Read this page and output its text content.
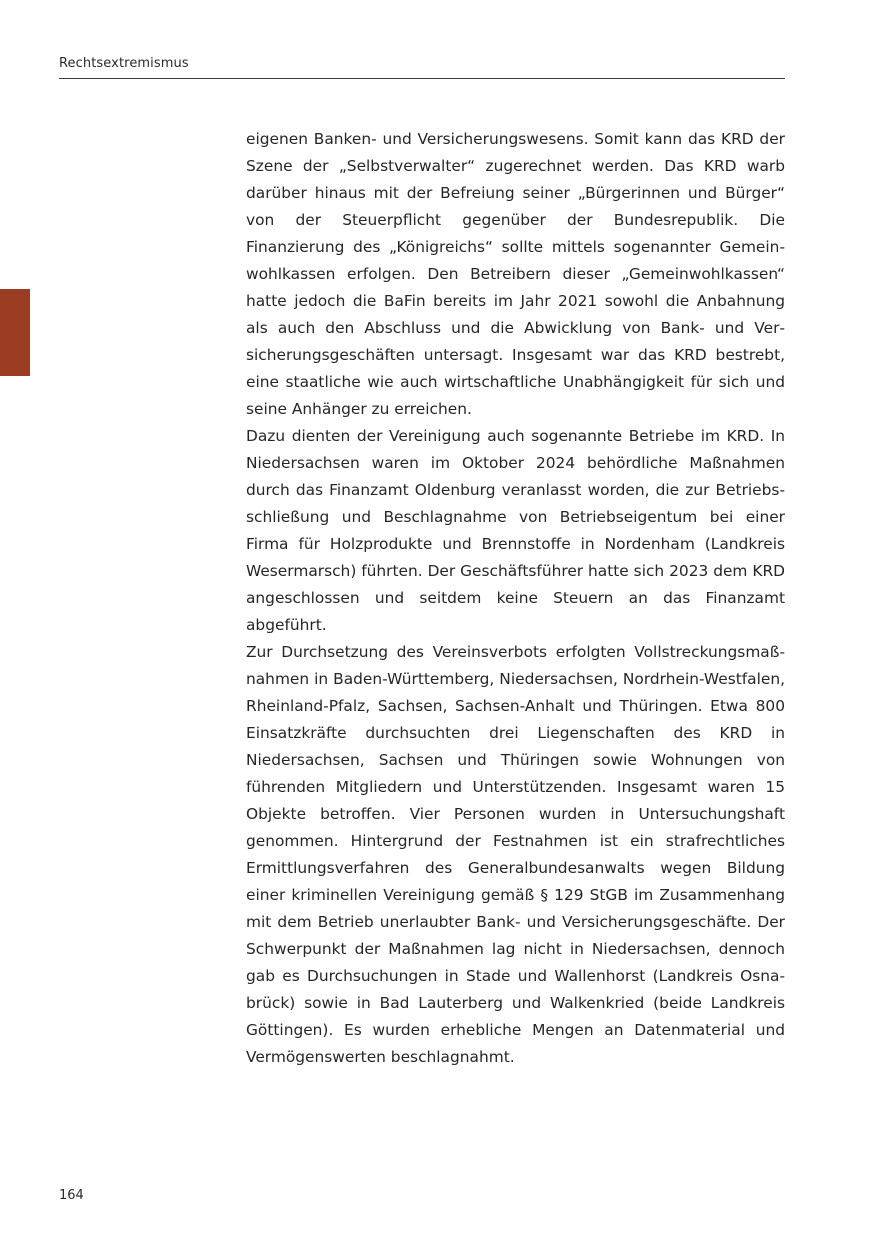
Rechtsextremismus

eigenen Banken- und Versicherungswesens. Somit kann das KRD der Szene der „Selbstverwalter“ zugerechnet werden. Das KRD warb darüber hinaus mit der Befreiung seiner „Bürgerinnen und Bürger“ von der Steuerpflicht gegenüber der Bundesrepublik. Die Finanzierung des „Königreichs“ sollte mittels sogenannter Gemeinwohlkassen erfolgen. Den Betreibern dieser „Gemeinwohlkassen“ hatte jedoch die BaFin bereits im Jahr 2021 sowohl die Anbahnung als auch den Abschluss und die Abwicklung von Bank- und Versicherungsgeschäften untersagt. Insgesamt war das KRD bestrebt, eine staatliche wie auch wirtschaftliche Unabhängigkeit für sich und seine Anhänger zu erreichen.

Dazu dienten der Vereinigung auch sogenannte Betriebe im KRD. In Niedersachsen waren im Oktober 2024 behördliche Maßnahmen durch das Finanzamt Oldenburg veranlasst worden, die zur Betriebsschließung und Beschlagnahme von Betriebseigentum bei einer Firma für Holzprodukte und Brennstoffe in Nordenham (Landkreis Wesermarsch) führten. Der Geschäftsführer hatte sich 2023 dem KRD angeschlossen und seitdem keine Steuern an das Finanzamt abgeführt.

Zur Durchsetzung des Vereinsverbots erfolgten Vollstreckungsmaßnahmen in Baden-Württemberg, Niedersachsen, Nordrhein-Westfalen, Rheinland-Pfalz, Sachsen, Sachsen-Anhalt und Thüringen. Etwa 800 Einsatzkräfte durchsuchten drei Liegenschaften des KRD in Niedersachsen, Sachsen und Thüringen sowie Wohnungen von führenden Mitgliedern und Unterstützenden. Insgesamt waren 15 Objekte betroffen. Vier Personen wurden in Untersuchungshaft genommen. Hintergrund der Festnahmen ist ein strafrechtliches Ermittlungsverfahren des Generalbundesanwalts wegen Bildung einer kriminellen Vereinigung gemäß § 129 StGB im Zusammenhang mit dem Betrieb unerlaubter Bank- und Versicherungsgeschäfte. Der Schwerpunkt der Maßnahmen lag nicht in Niedersachsen, dennoch gab es Durchsuchungen in Stade und Wallenhorst (Landkreis Osnabrück) sowie in Bad Lauterberg und Walkenkried (beide Landkreis Göttingen). Es wurden erhebliche Mengen an Datenmaterial und Vermögenswerten beschlagnahmt.

164
